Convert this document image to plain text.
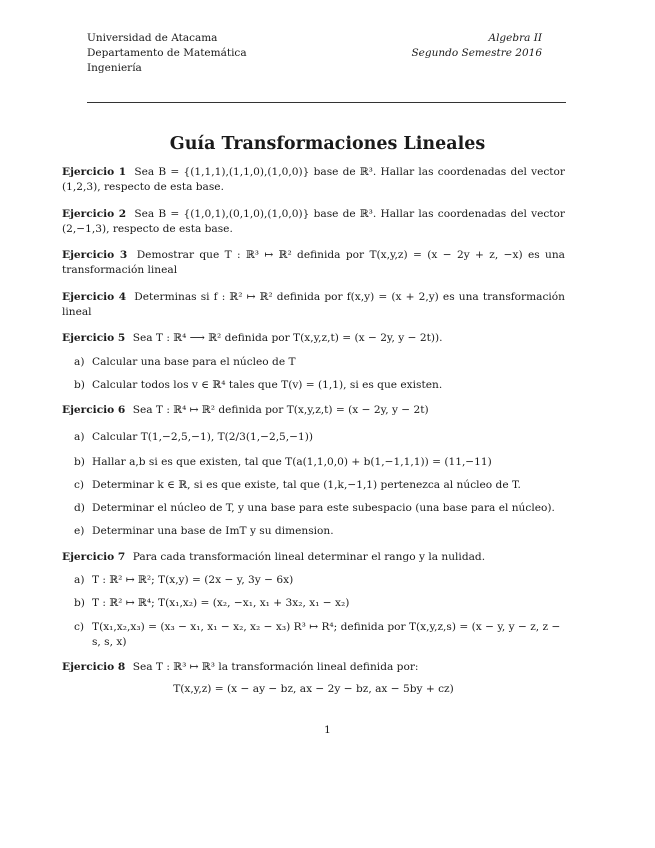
Universidad de Atacama
Departamento de Matemática
Ingeniería
Algebra II
Segundo Semestre 2016
Guía Transformaciones Lineales

Ejercicio 1 Sea B = {(1,1,1),(1,1,0),(1,0,0)} base de ℝ³. Hallar las coordenadas del vector (1,2,3), respecto de esta base.

Ejercicio 2 Sea B = {(1,0,1),(0,1,0),(1,0,0)} base de ℝ³. Hallar las coordenadas del vector (2,−1,3), respecto de esta base.

Ejercicio 3 Demostrar que T : ℝ³ ↦ ℝ² definida por T(x,y,z) = (x − 2y + z, −x) es una transformación lineal

Ejercicio 4 Determinas si f : ℝ² ↦ ℝ² definida por f(x,y) = (x + 2,y) es una transformación lineal

Ejercicio 5 Sea T : ℝ⁴ ⟶ ℝ² definida por T(x,y,z,t) = (x − 2y, y − 2t)).

a) Calcular una base para el núcleo de T
b) Calcular todos los v ∈ ℝ⁴ tales que T(v) = (1,1), si es que existen.

Ejercicio 6 Sea T : ℝ⁴ ↦ ℝ² definida por T(x,y,z,t) = (x − 2y, y − 2t)

a) Calcular T(1,−2,5,−1), T(2/3(1,−2,5,−1))
b) Hallar a,b si es que existen, tal que T(a(1,1,0,0) + b(1,−1,1,1)) = (11,−11)
c) Determinar k ∈ ℝ, si es que existe, tal que (1,k,−1,1) pertenezca al núcleo de T.
d) Determinar el núcleo de T, y una base para este subespacio (una base para el núcleo).
e) Determinar una base de ImT y su dimension.

Ejercicio 7 Para cada transformación lineal determinar el rango y la nulidad.

a) T : ℝ² ↦ ℝ²; T(x,y) = (2x − y, 3y − 6x)
b) T : ℝ² ↦ ℝ⁴; T(x₁,x₂) = (x₂, −x₁, x₁ + 3x₂, x₁ − x₂)
c) T(x₁,x₂,x₃) = (x₃ − x₁, x₁ − x₂, x₂ − x₃) R³ ↦ R⁴; definida por T(x,y,z,s) = (x − y, y − z, z − s, s, x)

Ejercicio 8 Sea T : ℝ³ ↦ ℝ³ la transformación lineal definida por:

T(x,y,z) = (x − ay − bz, ax − 2y − bz, ax − 5by + cz)
1
